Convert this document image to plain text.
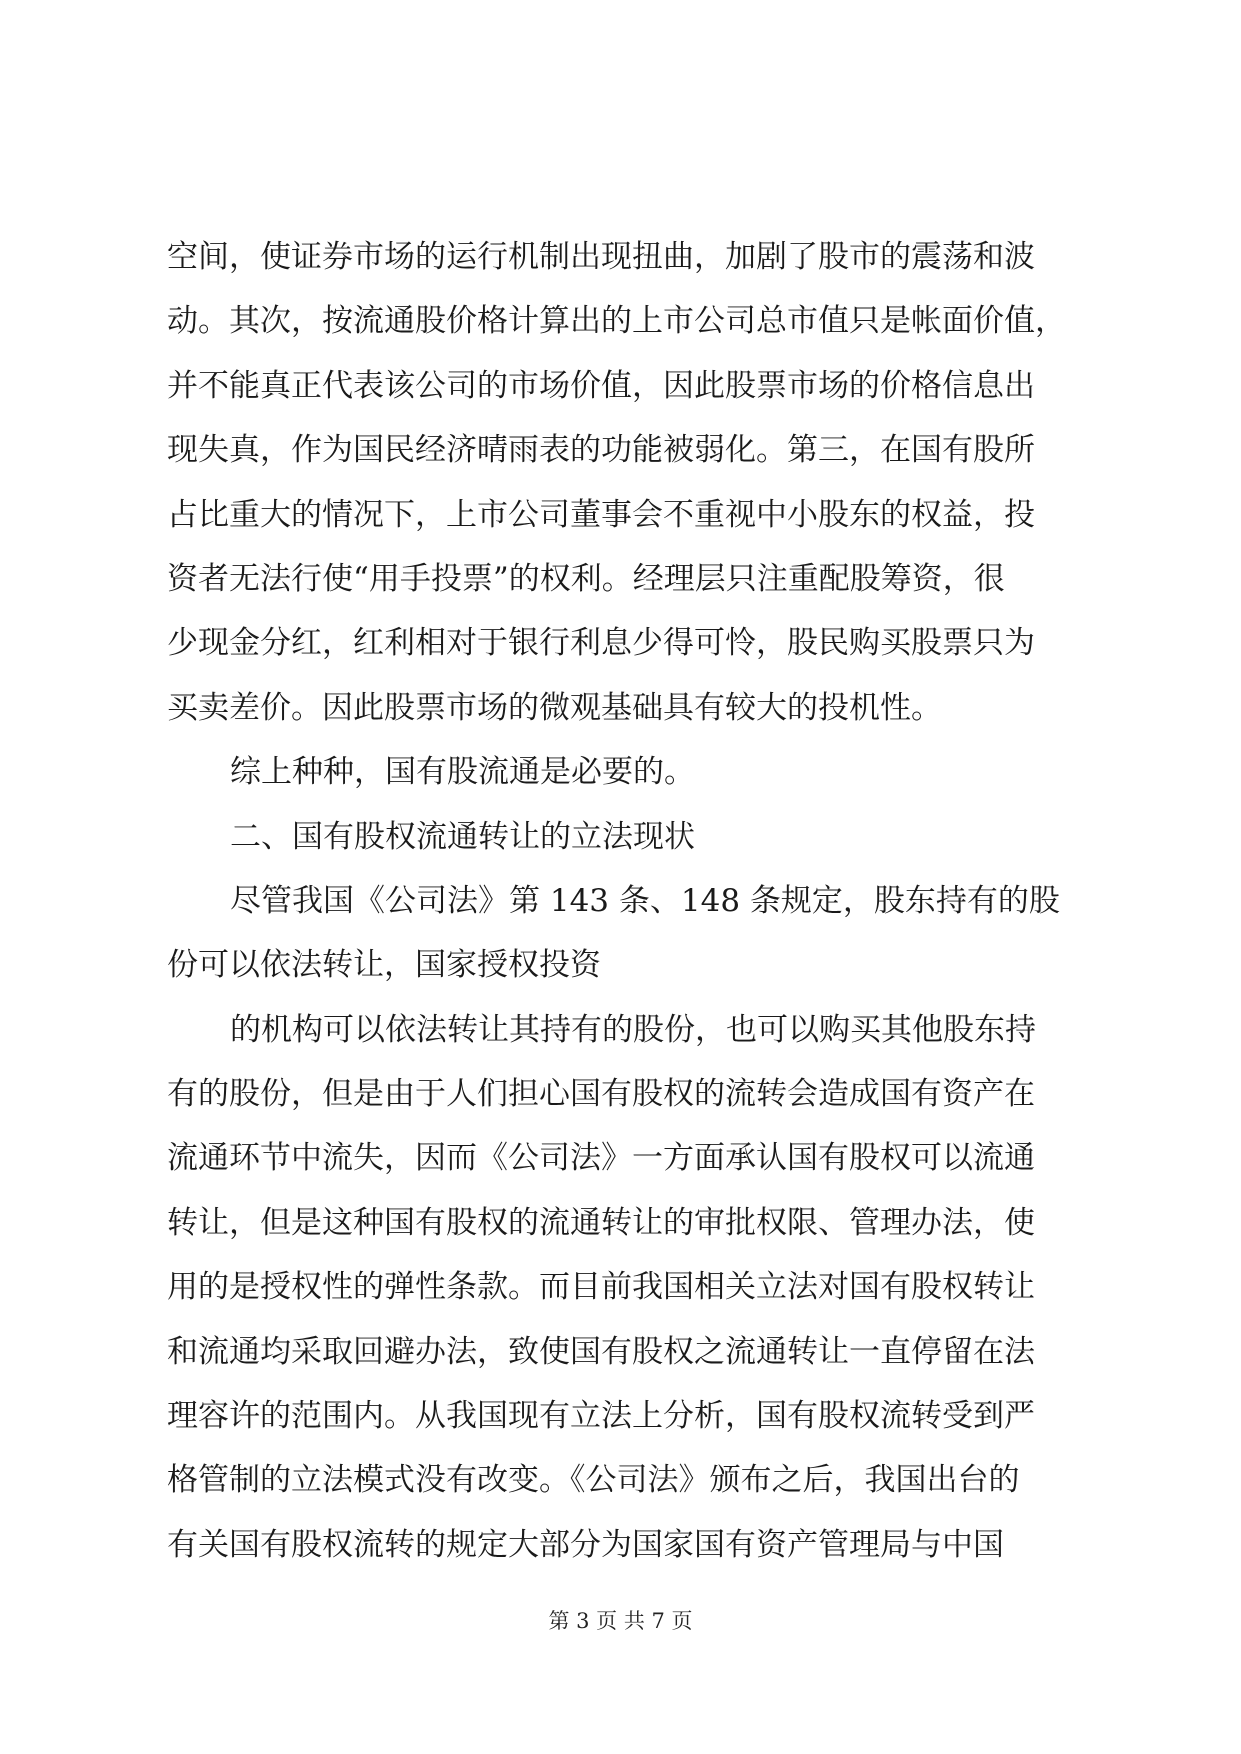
空间，使证券市场的运行机制出现扭曲，加剧了股市的震荡和波
动。其次，按流通股价格计算出的上市公司总市值只是帐面价值，
并不能真正代表该公司的市场价值，因此股票市场的价格信息出
现失真，作为国民经济晴雨表的功能被弱化。第三，在国有股所
占比重大的情况下，上市公司董事会不重视中小股东的权益，投
资者无法行使“用手投票”的权利。经理层只注重配股筹资，很
少现金分红，红利相对于银行利息少得可怜，股民购买股票只为
买卖差价。因此股票市场的微观基础具有较大的投机性。
综上种种，国有股流通是必要的。
二、国有股权流通转让的立法现状
尽管我国《公司法》第 143 条、148 条规定，股东持有的股
份可以依法转让，国家授权投资
的机构可以依法转让其持有的股份，也可以购买其他股东持
有的股份，但是由于人们担心国有股权的流转会造成国有资产在
流通环节中流失，因而《公司法》一方面承认国有股权可以流通
转让，但是这种国有股权的流通转让的审批权限、管理办法，使
用的是授权性的弹性条款。而目前我国相关立法对国有股权转让
和流通均采取回避办法，致使国有股权之流通转让一直停留在法
理容许的范围内。从我国现有立法上分析，国有股权流转受到严
格管制的立法模式没有改变。《公司法》颁布之后，我国出台的
有关国有股权流转的规定大部分为国家国有资产管理局与中国
第 3 页 共 7 页
